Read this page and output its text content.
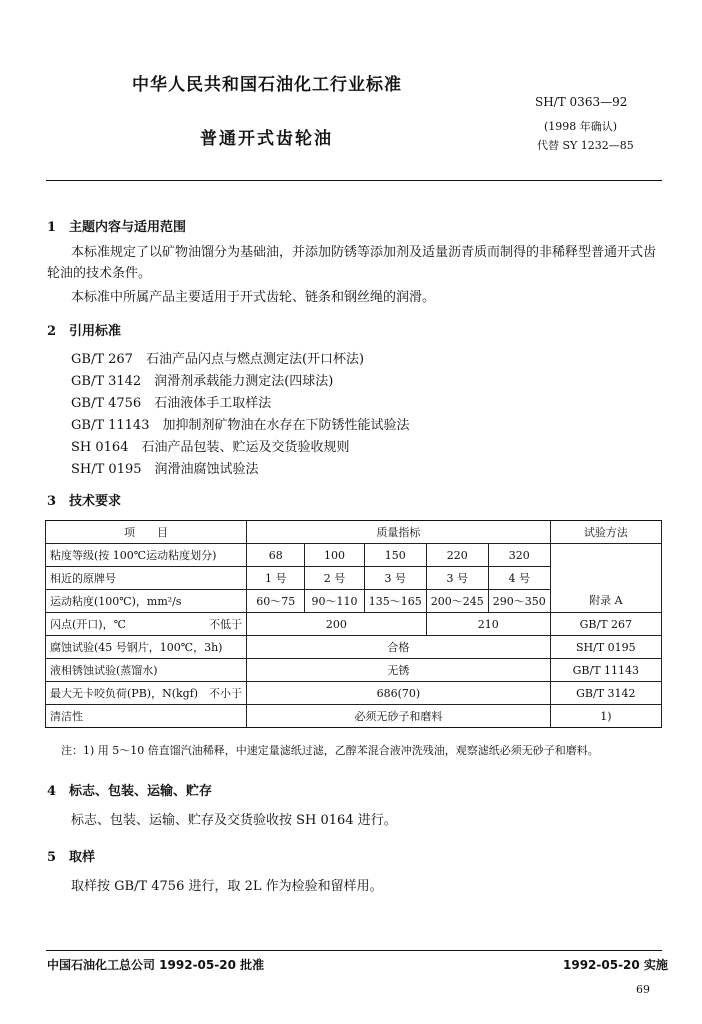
中华人民共和国石油化工行业标准
SH/T 0363—92
普通开式齿轮油
(1998 年确认)
代替 SY 1232—85
1　主题内容与适用范围
本标准规定了以矿物油馏分为基础油，并添加防锈等添加剂及适量沥青质而制得的非稀释型普通开式齿轮油的技术条件。
本标准中所属产品主要适用于开式齿轮、链条和钢丝绳的润滑。
2　引用标准
GB/T 267　 石油产品闪点与燃点测定法(开口杯法)
GB/T 3142　 润滑剂承载能力测定法(四球法)
GB/T 4756　 石油液体手工取样法
GB/T 11143　 加抑制剂矿物油在水存在下防锈性能试验法
SH 0164　 石油产品包装、贮运及交货验收规则
SH/T 0195　 润滑油腐蚀试验法
3　技术要求
项　　目	质量指标					试验方法
粘度等级(按 100℃运动粘度划分)	68	100	150	220	320	附录 A
相近的原牌号	1 号	2 号	3 号	3 号	4 号	
运动粘度(100℃)，mm²/s	60～75	90～110	135～165	200～245	290～350	
闪点(开口)，℃ 不低于	200			210		GB/T 267
腐蚀试验(45 号钢片，100℃，3h)	合格					SH/T 0195
液相锈蚀试验(蒸馏水)	无锈					GB/T 11143
最大无卡咬负荷(PB)，N(kgf)　不小于	686(70)					GB/T 3142
清洁性	必须无砂子和磨料					1)
注：1) 用 5～10 倍直馏汽油稀释，中速定量滤纸过滤，乙醇苯混合液冲洗残油，观察滤纸必须无砂子和磨料。
4　标志、包装、运输、贮存
标志、包装、运输、贮存及交货验收按 SH 0164 进行。
5　取样
取样按 GB/T 4756 进行，取 2L 作为检验和留样用。
中国石油化工总公司 1992-05-20 批准	1992-05-20 实施
69
